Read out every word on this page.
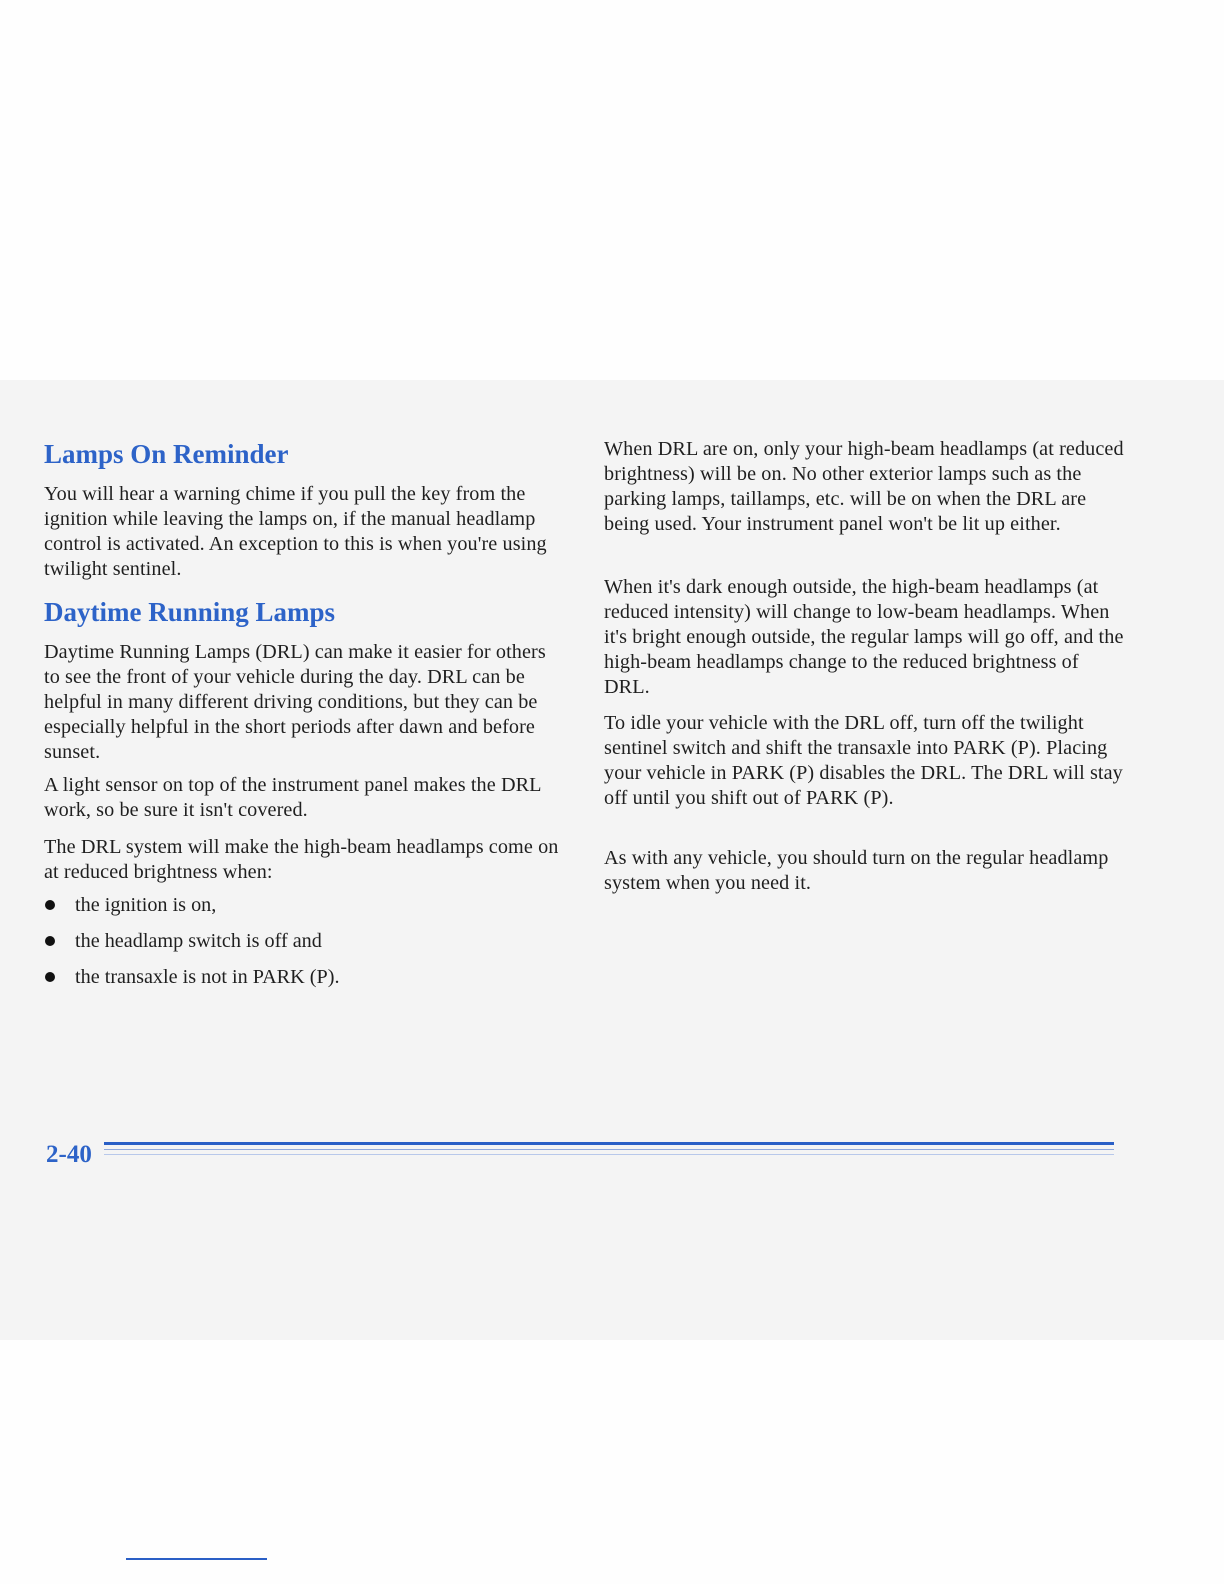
Lamps On Reminder

You will hear a warning chime if you pull the key from the ignition while leaving the lamps on, if the manual headlamp control is activated. An exception to this is when you're using twilight sentinel.

Daytime Running Lamps

Daytime Running Lamps (DRL) can make it easier for others to see the front of your vehicle during the day. DRL can be helpful in many different driving conditions, but they can be especially helpful in the short periods after dawn and before sunset.

A light sensor on top of the instrument panel makes the DRL work, so be sure it isn't covered.

The DRL system will make the high-beam headlamps come on at reduced brightness when:

the ignition is on,
the headlamp switch is off and
the transaxle is not in PARK (P).

When DRL are on, only your high-beam headlamps (at reduced brightness) will be on. No other exterior lamps such as the parking lamps, taillamps, etc. will be on when the DRL are being used. Your instrument panel won't be lit up either.

When it's dark enough outside, the high-beam headlamps (at reduced intensity) will change to low-beam headlamps. When it's bright enough outside, the regular lamps will go off, and the high-beam headlamps change to the reduced brightness of DRL.

To idle your vehicle with the DRL off, turn off the twilight sentinel switch and shift the transaxle into PARK (P). Placing your vehicle in PARK (P) disables the DRL. The DRL will stay off until you shift out of PARK (P).

As with any vehicle, you should turn on the regular headlamp system when you need it.

2-40
